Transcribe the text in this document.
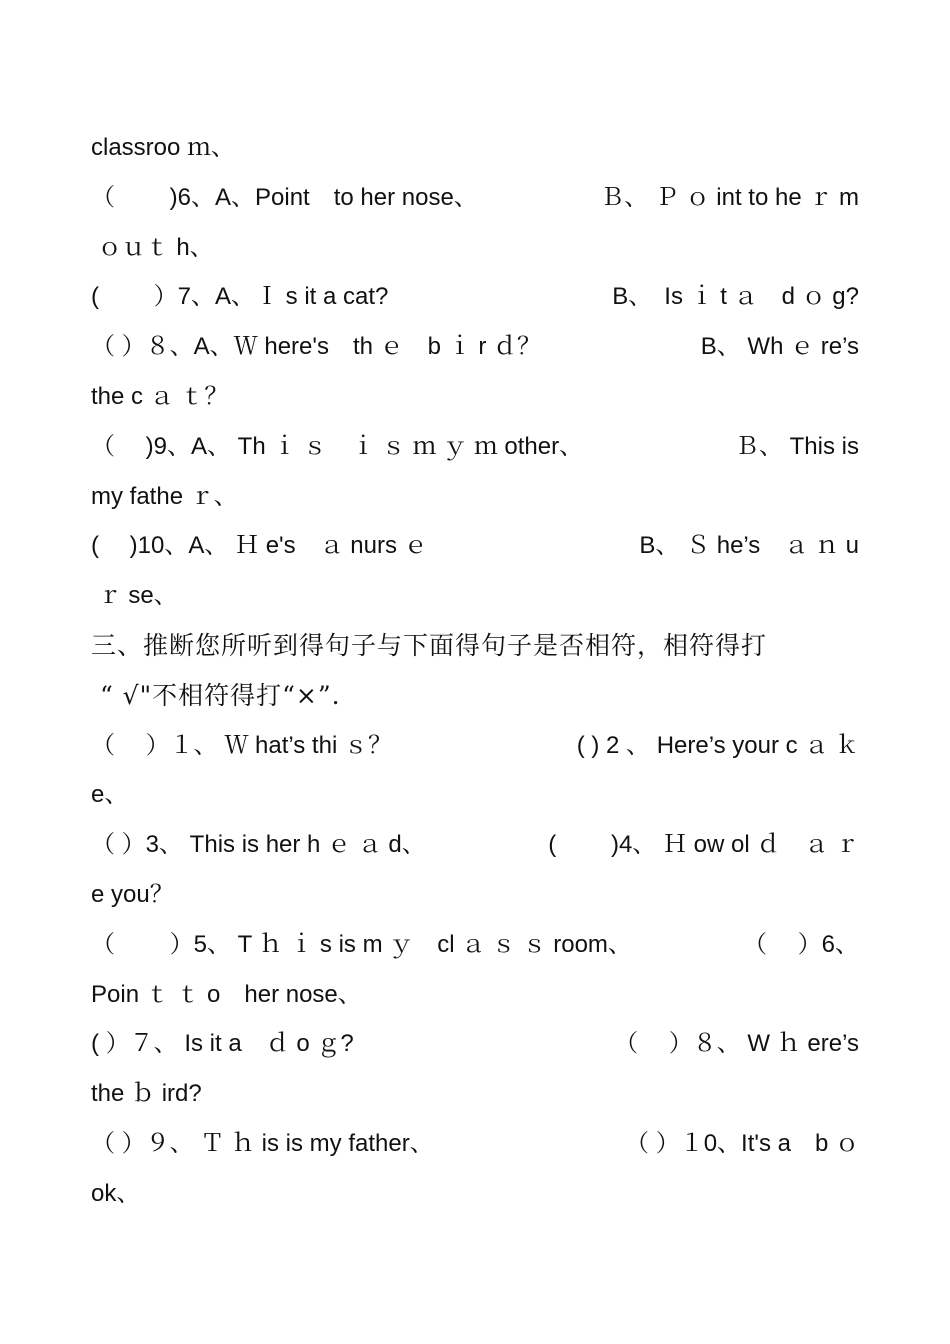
classroo ｍ、
（　　 )6、A、Point　to her nose、	Ｂ、 Ｐ ｏ int to he ｒ m
ｏｕｔ h、
(　　 ）7、A、Ｉ s it a cat?	B、　Is ｉ t ａ　d ｏ g?
（ ）８、A、Ｗ here's　th ｅ　b ｉ r ｄ？	B、 Wh ｅ re’s
the c ａ ｔ？
（　 )9、A、 Th ｉ ｓ　ｉ ｓ ｍ ｙ ｍ other、	Ｂ、 This is
my fathe ｒ、
(　 )10、A、 Ｈ e's　ａ nurs ｅ	B、 Ｓ he’s　ａ ｎ u
ｒ se、
三、推断您所听到得句子与下面得句子是否相符，相符得打
“ √"不相符得打“×”.
（　 ）１、 Ｗ hat’s thi ｓ？	( ) 2 、 Here’s your c ａ ｋ
e、
（ ）3、 This is her h ｅ ａ d、	(　　 )4、 Ｈ ow ol ｄ　ａ ｒ
e you？
（　　 ）5、 T ｈ ｉ s is m ｙ　cl ａ ｓ ｓ room、	（　 ）6、
Poin ｔ ｔ o　her nose、
( ）７、 Is it a　ｄ o ｇ?	（　 ）８、 W ｈ ere’s
the ｂ ird?
（ ）９、 Ｔ ｈ is is my father、	（ ）１0、It's a　b ｏ
ok、
